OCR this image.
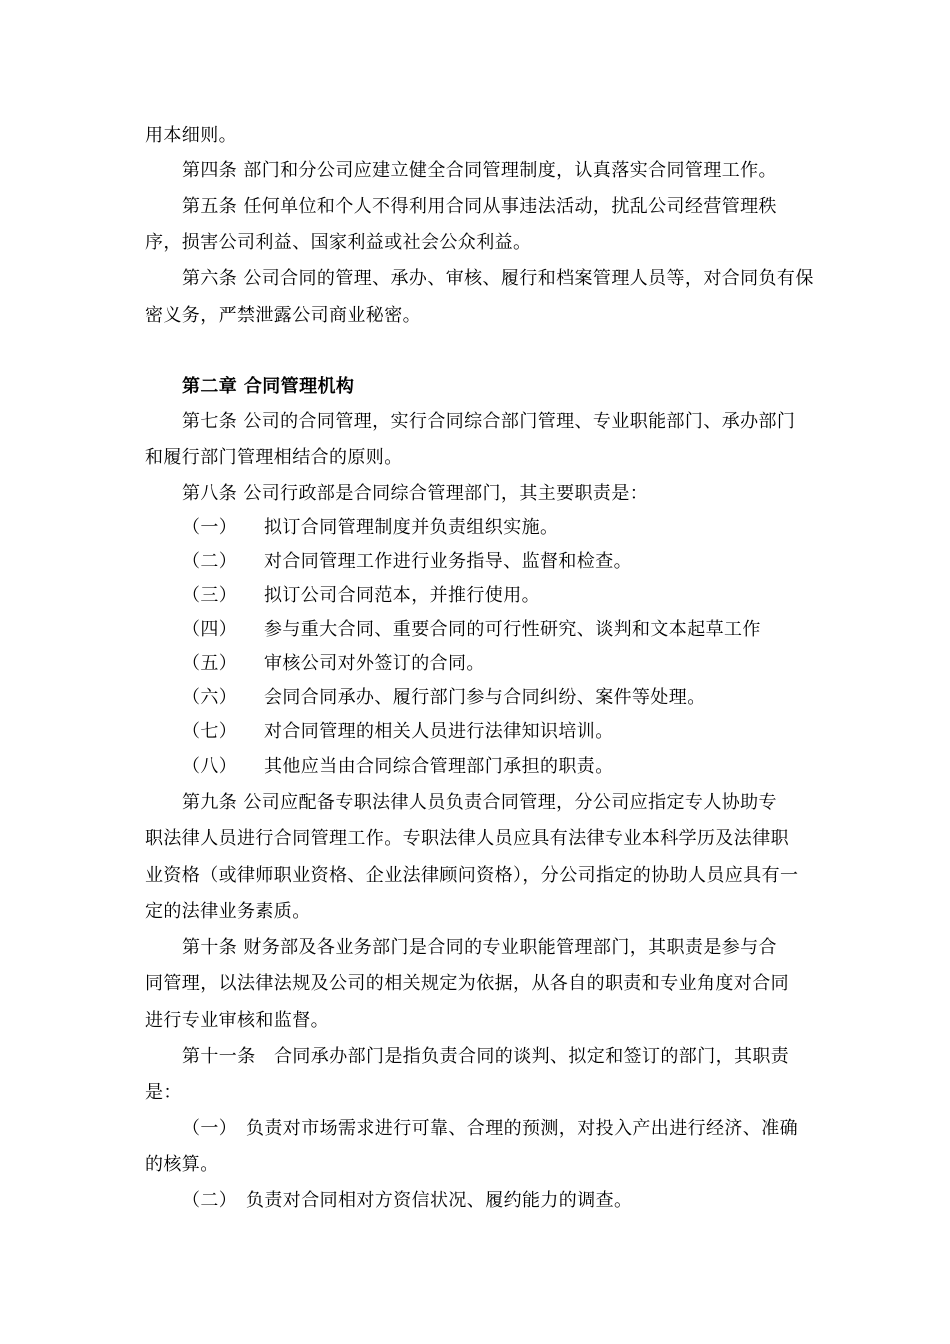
用本细则。

第四条 部门和分公司应建立健全合同管理制度，认真落实合同管理工作。

第五条 任何单位和个人不得利用合同从事违法活动，扰乱公司经营管理秩

序，损害公司利益、国家利益或社会公众利益。

第六条 公司合同的管理、承办、审核、履行和档案管理人员等，对合同负有保

密义务，严禁泄露公司商业秘密。

第二章 合同管理机构

第七条 公司的合同管理，实行合同综合部门管理、专业职能部门、承办部门

和履行部门管理相结合的原则。

第八条 公司行政部是合同综合管理部门，其主要职责是：

（一） 拟订合同管理制度并负责组织实施。

（二） 对合同管理工作进行业务指导、监督和检查。

（三） 拟订公司合同范本，并推行使用。

（四） 参与重大合同、重要合同的可行性研究、谈判和文本起草工作

（五） 审核公司对外签订的合同。

（六） 会同合同承办、履行部门参与合同纠纷、案件等处理。

（七） 对合同管理的相关人员进行法律知识培训。

（八） 其他应当由合同综合管理部门承担的职责。

第九条 公司应配备专职法律人员负责合同管理，分公司应指定专人协助专

职法律人员进行合同管理工作。专职法律人员应具有法律专业本科学历及法律职

业资格（或律师职业资格、企业法律顾问资格），分公司指定的协助人员应具有一

定的法律业务素质。

第十条 财务部及各业务部门是合同的专业职能管理部门，其职责是参与合

同管理，以法律法规及公司的相关规定为依据，从各自的职责和专业角度对合同

进行专业审核和监督。

第十一条　合同承办部门是指负责合同的谈判、拟定和签订的部门，其职责

是：

（一） 负责对市场需求进行可靠、合理的预测，对投入产出进行经济、准确

的核算。

（二） 负责对合同相对方资信状况、履约能力的调查。
